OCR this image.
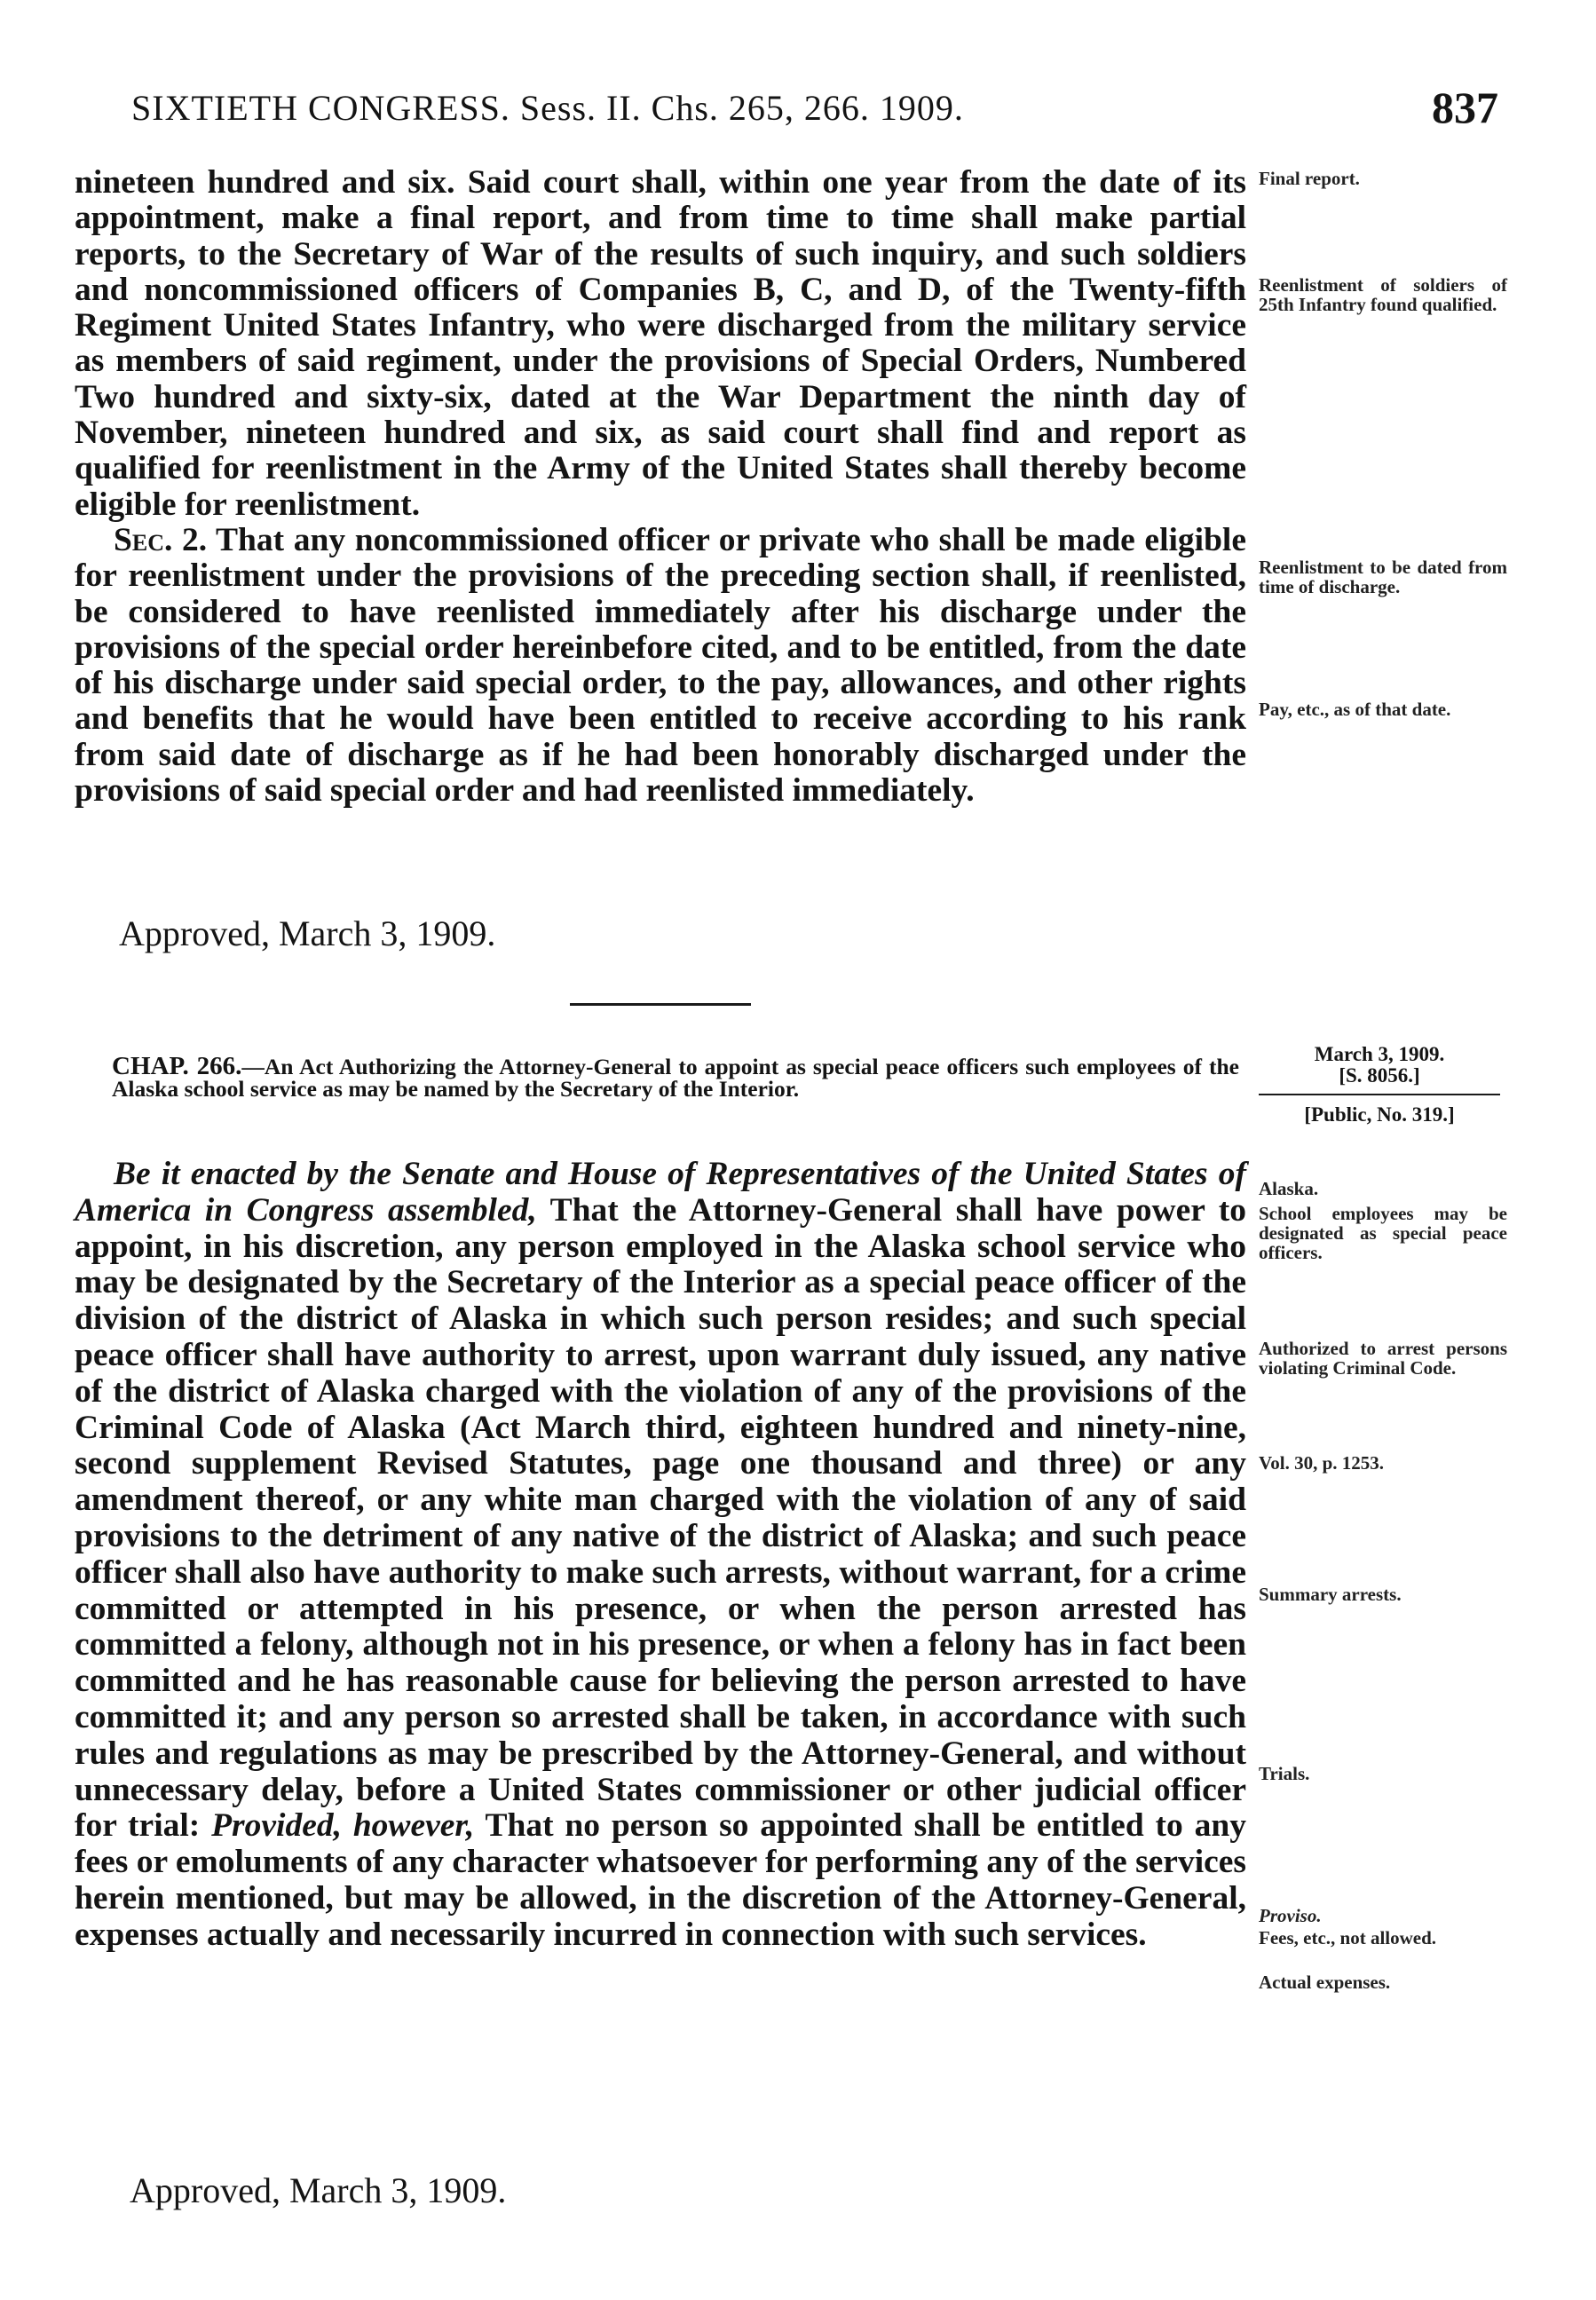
SIXTIETH CONGRESS. Sess. II. Chs. 265, 266. 1909.	837

nineteen hundred and six. Said court shall, within one year from the date of its appointment, make a final report, and from time to time shall make partial reports, to the Secretary of War of the results of such inquiry, and such soldiers and noncommissioned officers of Companies B, C, and D, of the Twenty-fifth Regiment United States Infantry, who were discharged from the military service as members of said regiment, under the provisions of Special Orders, Numbered Two hundred and sixty-six, dated at the War Department the ninth day of November, nineteen hundred and six, as said court shall find and report as qualified for reenlistment in the Army of the United States shall thereby become eligible for reenlistment.

Sec. 2. That any noncommissioned officer or private who shall be made eligible for reenlistment under the provisions of the preceding section shall, if reenlisted, be considered to have reenlisted immediately after his discharge under the provisions of the special order hereinbefore cited, and to be entitled, from the date of his discharge under said special order, to the pay, allowances, and other rights and benefits that he would have been entitled to receive according to his rank from said date of discharge as if he had been honorably discharged under the provisions of said special order and had reenlisted immediately.

Approved, March 3, 1909.
Final report.
Reenlistment of soldiers of 25th Infantry found qualified.
Reenlistment to be dated from time of discharge.
Pay, etc., as of that date.
CHAP. 266.—An Act Authorizing the Attorney-General to appoint as special peace officers such employees of the Alaska school service as may be named by the Secretary of the Interior.
March 3, 1909.
[S. 8056.]
[Public, No. 319.]

Be it enacted by the Senate and House of Representatives of the United States of America in Congress assembled, That the Attorney-General shall have power to appoint, in his discretion, any person employed in the Alaska school service who may be designated by the Secretary of the Interior as a special peace officer of the division of the district of Alaska in which such person resides; and such special peace officer shall have authority to arrest, upon warrant duly issued, any native of the district of Alaska charged with the violation of any of the provisions of the Criminal Code of Alaska (Act March third, eighteen hundred and ninety-nine, second supplement Revised Statutes, page one thousand and three) or any amendment thereof, or any white man charged with the violation of any of said provisions to the detriment of any native of the district of Alaska; and such peace officer shall also have authority to make such arrests, without warrant, for a crime committed or attempted in his presence, or when the person arrested has committed a felony, although not in his presence, or when a felony has in fact been committed and he has reasonable cause for believing the person arrested to have committed it; and any person so arrested shall be taken, in accordance with such rules and regulations as may be prescribed by the Attorney-General, and without unnecessary delay, before a United States commissioner or other judicial officer for trial: Provided, however, That no person so appointed shall be entitled to any fees or emoluments of any character whatsoever for performing any of the services herein mentioned, but may be allowed, in the discretion of the Attorney-General, expenses actually and necessarily incurred in connection with such services.

Approved, March 3, 1909.
Alaska.
School employees may be designated as special peace officers.
Authorized to arrest persons violating Criminal Code.
Vol. 30, p. 1253.
Summary arrests.
Trials.
Proviso.
Fees, etc., not allowed.
Actual expenses.
